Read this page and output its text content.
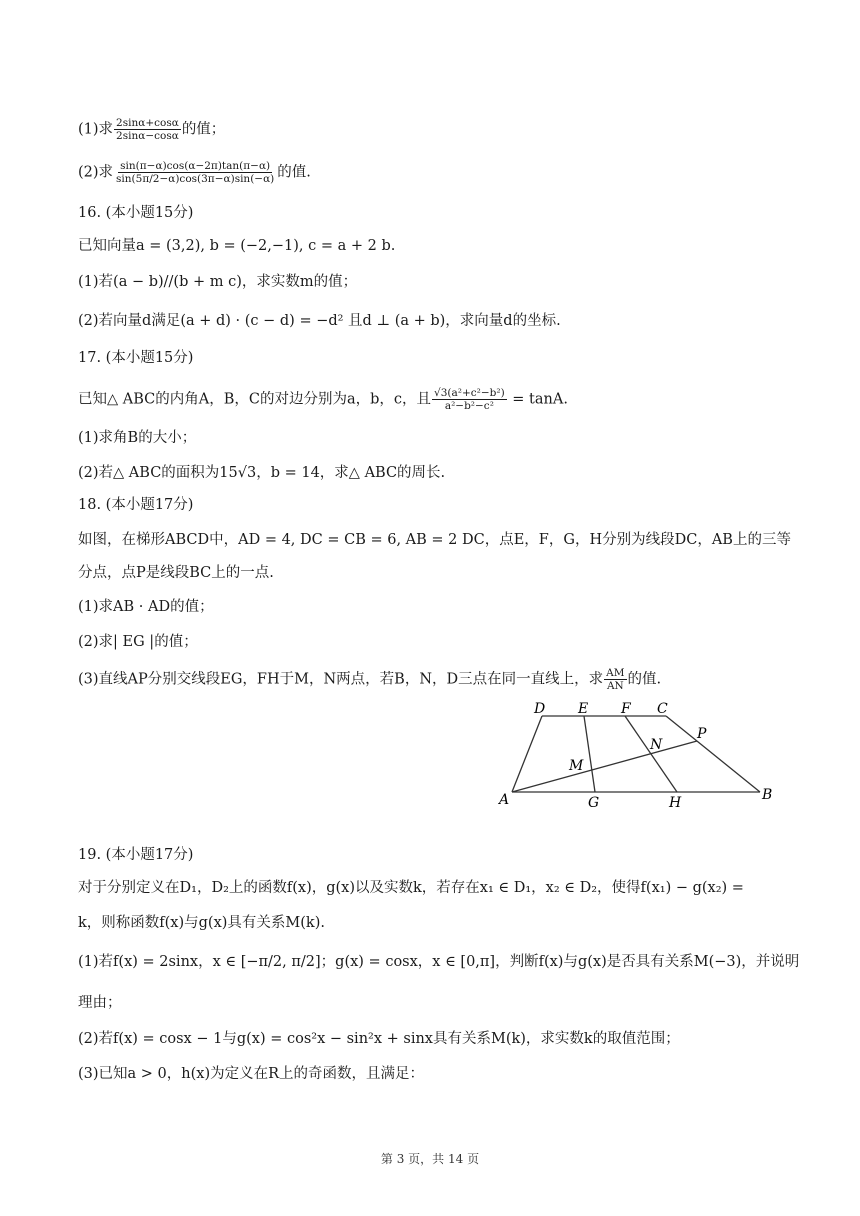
(1)求 $\frac{2\sin\alpha+\cos\alpha}{2\sin\alpha-\cos\alpha}$ 的值；
(2)求 $\frac{\sin(\pi-\alpha)\cos(\alpha-2\pi)\tan(\pi-\alpha)}{\sin(5\pi/2-\alpha)\cos(3\pi-\alpha)\sin(-\alpha)}$ 的值.
16. (本小题15分)
已知向量a = (3,2), b = (−2,−1), c = a + 2 b.
(1)若(a − b)//(b + m c)，求实数m的值；
(2)若向量d满足(a + d) · (c − d) = −d² 且d ⊥ (a + b)，求向量d的坐标.
17. (本小题15分)
已知△ ABC的内角A，B，C的对边分别为a，b，c，且 $\frac{\text{√3(a²+c²−b²)}}{\text{a²−b²−c²}} = \tan A$.
(1)求角B的大小；
(2)若△ ABC的面积为15√3，b = 14，求△ ABC的周长.
18. (本小题17分)
如图，在梯形ABCD中，AD = 4, DC = CB = 6, AB = 2 DC，点E，F，G，H分别为线段DC，AB上的三等
分点，点P是线段BC上的一点.
(1)求AB · AD的值；
(2)求| EG |的值；
(3)直线AP分别交线段EG，FH于M，N两点，若B，N，D三点在同一直线上，求 $\frac{AM}{AN}$ 的值.
D E F C
P
N
M
A	G	H	B
19. (本小题17分)
对于分别定义在D₁，D₂上的函数f(x)，g(x)以及实数k，若存在x₁ ∈ D₁，x₂ ∈ D₂，使得f(x₁) − g(x₂) =
k，则称函数f(x)与g(x)具有关系M(k).
(1)若f(x) = 2sinx，x ∈ [−π/2, π/2]；g(x) = cosx，x ∈ [0,π]，判断f(x)与g(x)是否具有关系M(−3)，并说明
理由；
(2)若f(x) = cosx − 1与g(x) = cos²x − sin²x + sinx具有关系M(k)，求实数k的取值范围；
(3)已知a > 0，h(x)为定义在R上的奇函数，且满足：
第 3 页，共 14 页
